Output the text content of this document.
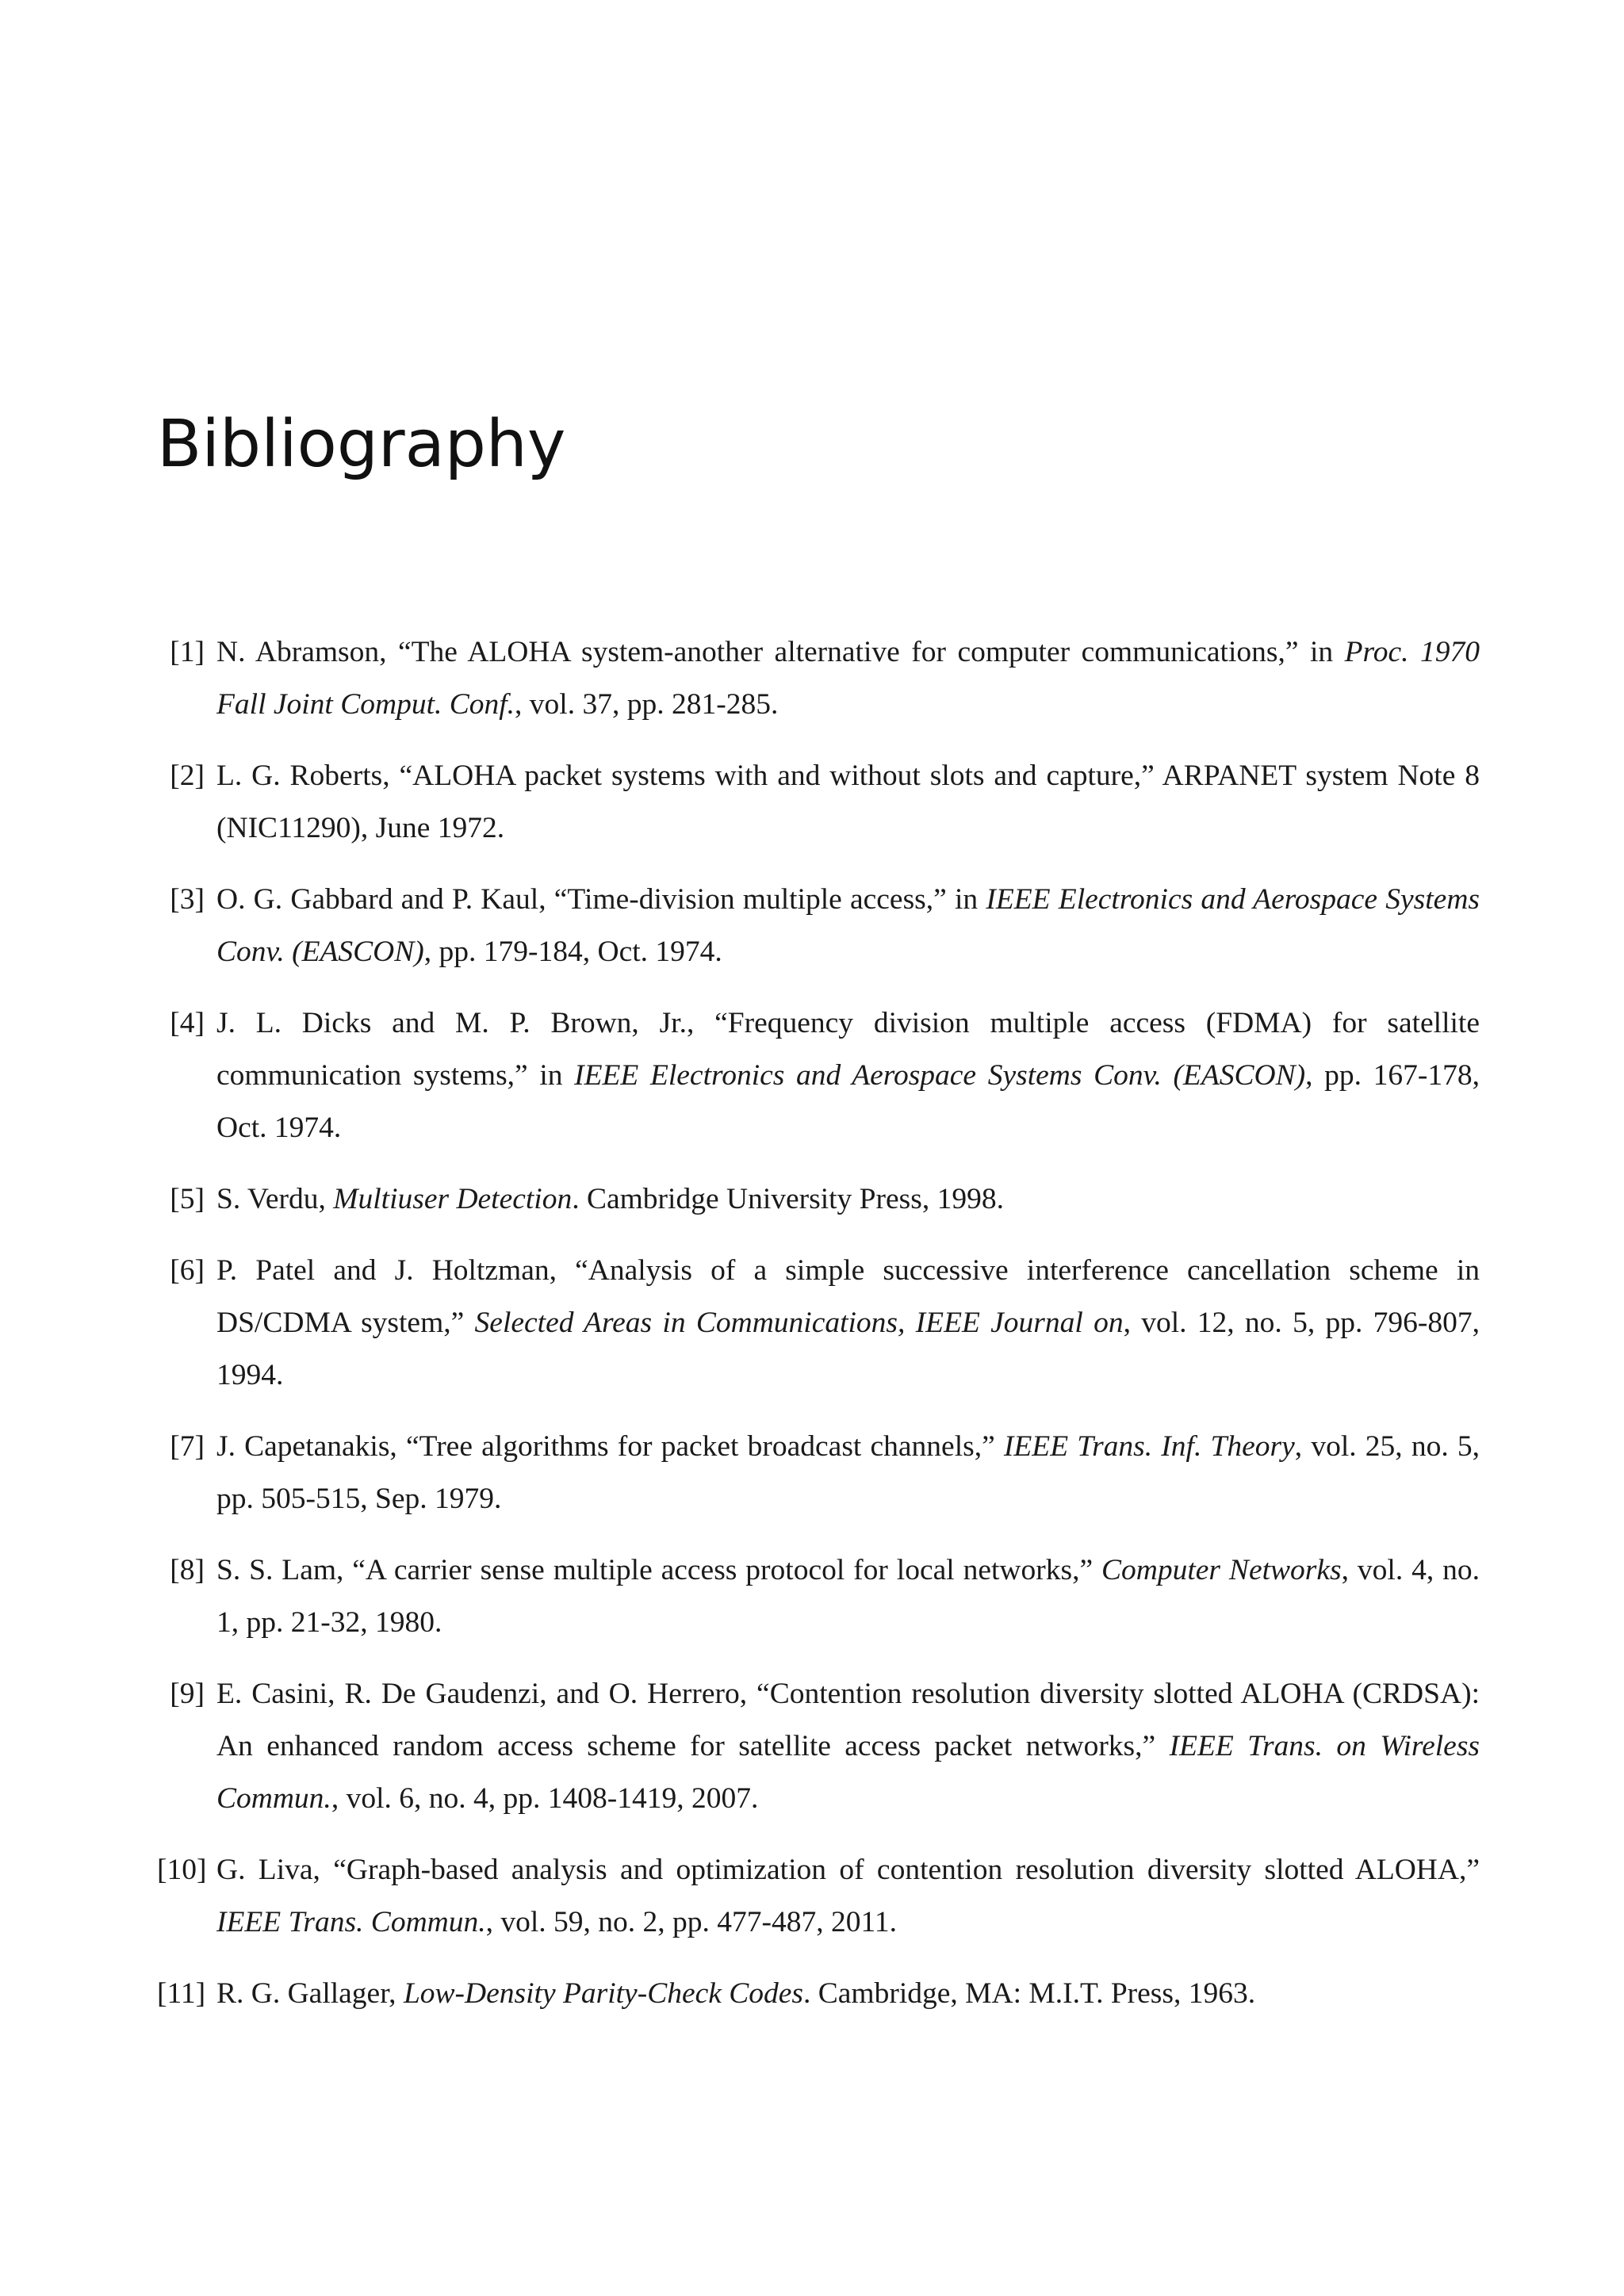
Bibliography
[1] N. Abramson, “The ALOHA system-another alternative for computer communications,” in Proc. 1970 Fall Joint Comput. Conf., vol. 37, pp. 281-285.
[2] L. G. Roberts, “ALOHA packet systems with and without slots and capture,” ARPANET system Note 8 (NIC11290), June 1972.
[3] O. G. Gabbard and P. Kaul, “Time-division multiple access,” in IEEE Electronics and Aerospace Systems Conv. (EASCON), pp. 179-184, Oct. 1974.
[4] J. L. Dicks and M. P. Brown, Jr., “Frequency division multiple access (FDMA) for satellite communication systems,” in IEEE Electronics and Aerospace Systems Conv. (EASCON), pp. 167-178, Oct. 1974.
[5] S. Verdu, Multiuser Detection. Cambridge University Press, 1998.
[6] P. Patel and J. Holtzman, “Analysis of a simple successive interference cancellation scheme in DS/CDMA system,” Selected Areas in Communications, IEEE Journal on, vol. 12, no. 5, pp. 796-807, 1994.
[7] J. Capetanakis, “Tree algorithms for packet broadcast channels,” IEEE Trans. Inf. Theory, vol. 25, no. 5, pp. 505-515, Sep. 1979.
[8] S. S. Lam, “A carrier sense multiple access protocol for local networks,” Computer Networks, vol. 4, no. 1, pp. 21-32, 1980.
[9] E. Casini, R. De Gaudenzi, and O. Herrero, “Contention resolution diversity slotted ALOHA (CRDSA): An enhanced random access scheme for satellite access packet networks,” IEEE Trans. on Wireless Commun., vol. 6, no. 4, pp. 1408-1419, 2007.
[10] G. Liva, “Graph-based analysis and optimization of contention resolution diversity slotted ALOHA,” IEEE Trans. Commun., vol. 59, no. 2, pp. 477-487, 2011.
[11] R. G. Gallager, Low-Density Parity-Check Codes. Cambridge, MA: M.I.T. Press, 1963.
